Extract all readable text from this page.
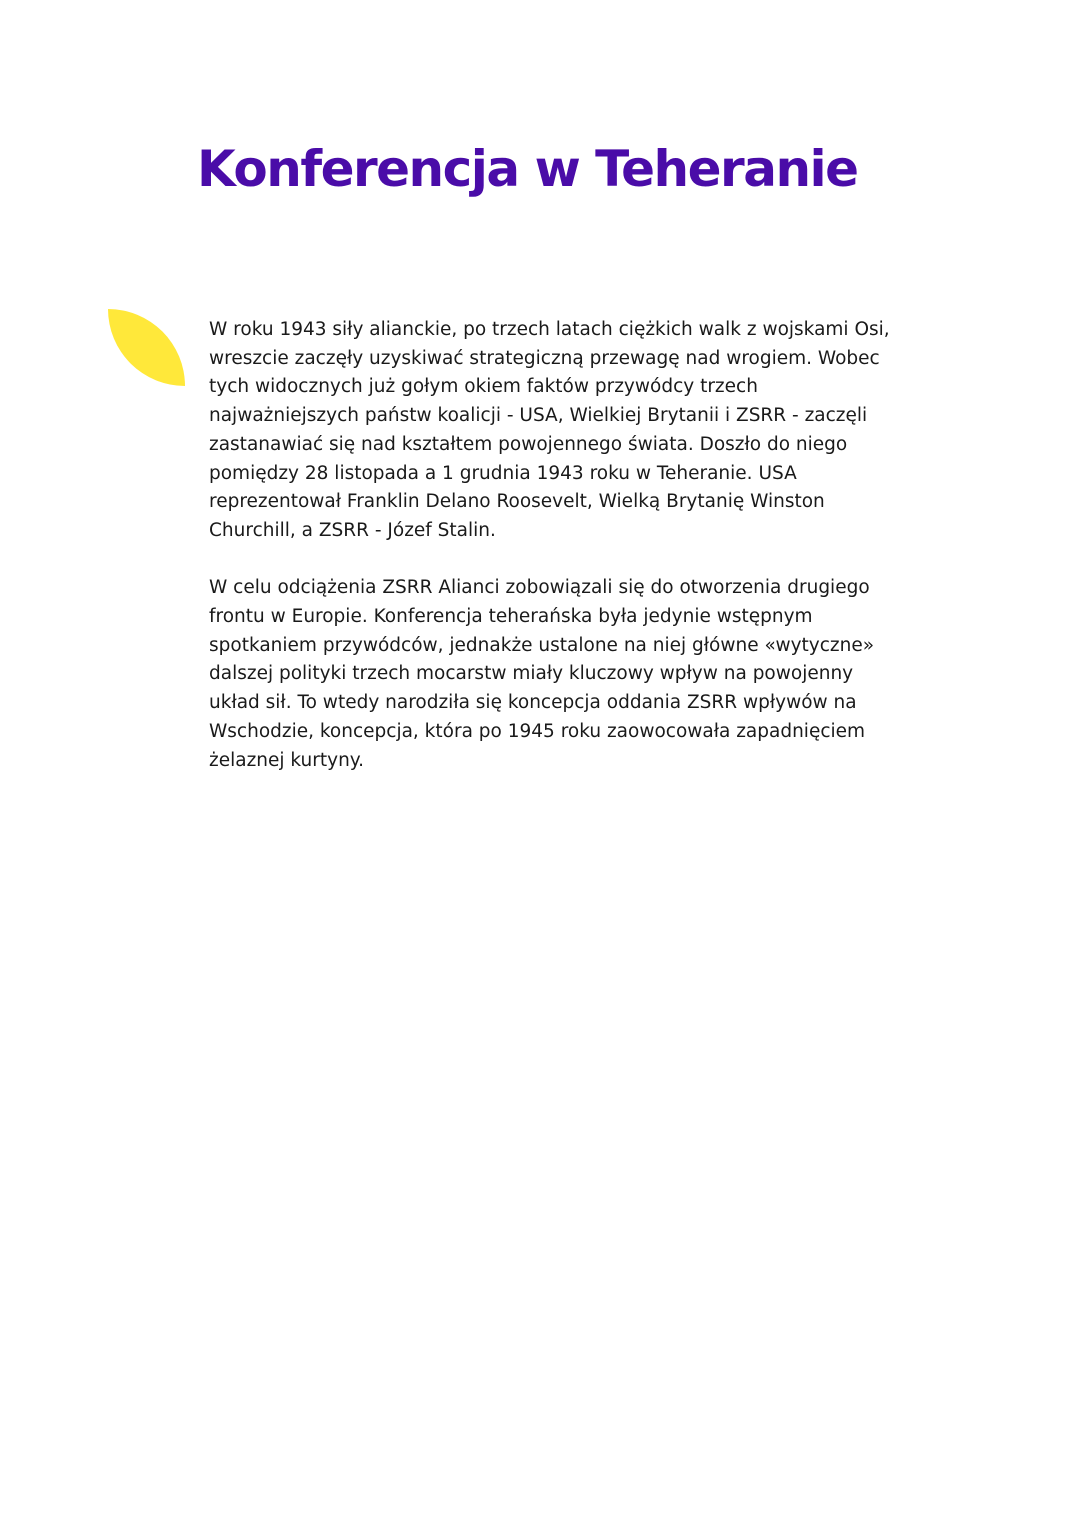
Konferencja w Teheranie

W roku 1943 siły alianckie, po trzech latach ciężkich walk z wojskami Osi, wreszcie zaczęły uzyskiwać strategiczną przewagę nad wrogiem. Wobec tych widocznych już gołym okiem faktów przywódcy trzech najważniejszych państw koalicji - USA, Wielkiej Brytanii i ZSRR - zaczęli zastanawiać się nad kształtem powojennego świata. Doszło do niego pomiędzy 28 listopada a 1 grudnia 1943 roku w Teheranie. USA reprezentował Franklin Delano Roosevelt, Wielką Brytanię Winston Churchill, a ZSRR - Józef Stalin.

W celu odciążenia ZSRR Alianci zobowiązali się do otworzenia drugiego frontu w Europie. Konferencja teherańska była jedynie wstępnym spotkaniem przywódców, jednakże ustalone na niej główne «wytyczne» dalszej polityki trzech mocarstw miały kluczowy wpływ na powojenny układ sił. To wtedy narodziła się koncepcja oddania ZSRR wpływów na Wschodzie, koncepcja, która po 1945 roku zaowocowała zapadnięciem żelaznej kurtyny.
